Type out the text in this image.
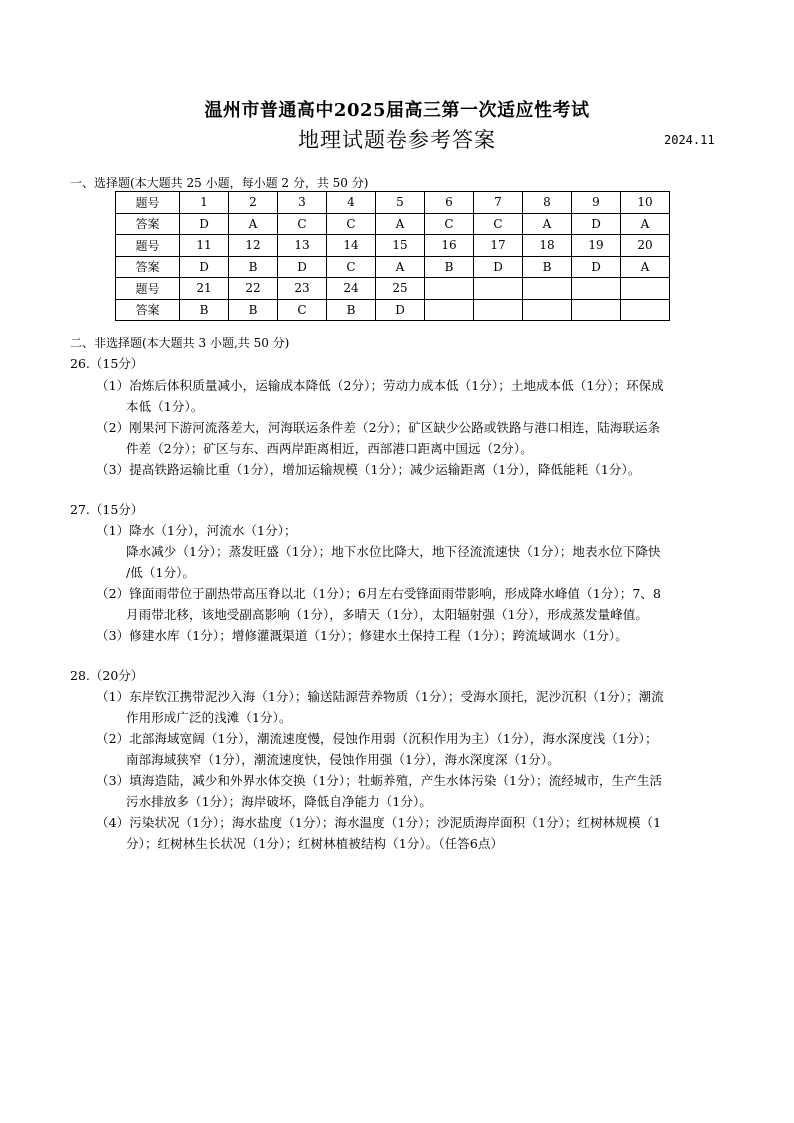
温州市普通高中2025届高三第一次适应性考试
地理试题卷参考答案	2024.11
一、选择题(本大题共 25 小题，每小题 2 分，共 50 分)
题号	1	2	3	4	5	6	7	8	9	10
答案	D	A	C	C	A	C	C	A	D	A
题号	11	12	13	14	15	16	17	18	19	20
答案	D	B	D	C	A	B	D	B	D	A
题号	21	22	23	24	25					
答案	B	B	C	B	D					
二、非选择题(本大题共 3 小题,共 50 分)
26.（15分）
（1）冶炼后体积质量减小，运输成本降低（2分）；劳动力成本低（1分）；土地成本低（1分）；环保成
本低（1分）。
（2）刚果河下游河流落差大，河海联运条件差（2分）；矿区缺少公路或铁路与港口相连，陆海联运条
件差（2分）；矿区与东、西两岸距离相近，西部港口距离中国远（2分）。
（3）提高铁路运输比重（1分），增加运输规模（1分）；减少运输距离（1分），降低能耗（1分）。
27.（15分）
（1）降水（1分），河流水（1分）；
降水减少（1分）；蒸发旺盛（1分）；地下水位比降大，地下径流流速快（1分）；地表水位下降快
/低（1分）。
（2）锋面雨带位于副热带高压脊以北（1分）；6月左右受锋面雨带影响，形成降水峰值（1分）；7、8
月雨带北移，该地受副高影响（1分），多晴天（1分），太阳辐射强（1分），形成蒸发量峰值。
（3）修建水库（1分）；增修灌溉渠道（1分）；修建水土保持工程（1分）；跨流域调水（1分）。
28.（20分）
（1）东岸钦江携带泥沙入海（1分）；输送陆源营养物质（1分）；受海水顶托，泥沙沉积（1分）；潮流
作用形成广泛的浅滩（1分）。
（2）北部海域宽阔（1分），潮流速度慢，侵蚀作用弱（沉积作用为主）（1分），海水深度浅（1分）；
南部海域狭窄（1分），潮流速度快，侵蚀作用强（1分），海水深度深（1分）。
（3）填海造陆，减少和外界水体交换（1分）；牡蛎养殖，产生水体污染（1分）；流经城市，生产生活
污水排放多（1分）；海岸破坏，降低自净能力（1分）。
（4）污染状况（1分）；海水盐度（1分）；海水温度（1分）；沙泥质海岸面积（1分）；红树林规模（1
分）；红树林生长状况（1分）；红树林植被结构（1分）。（任答6点）
